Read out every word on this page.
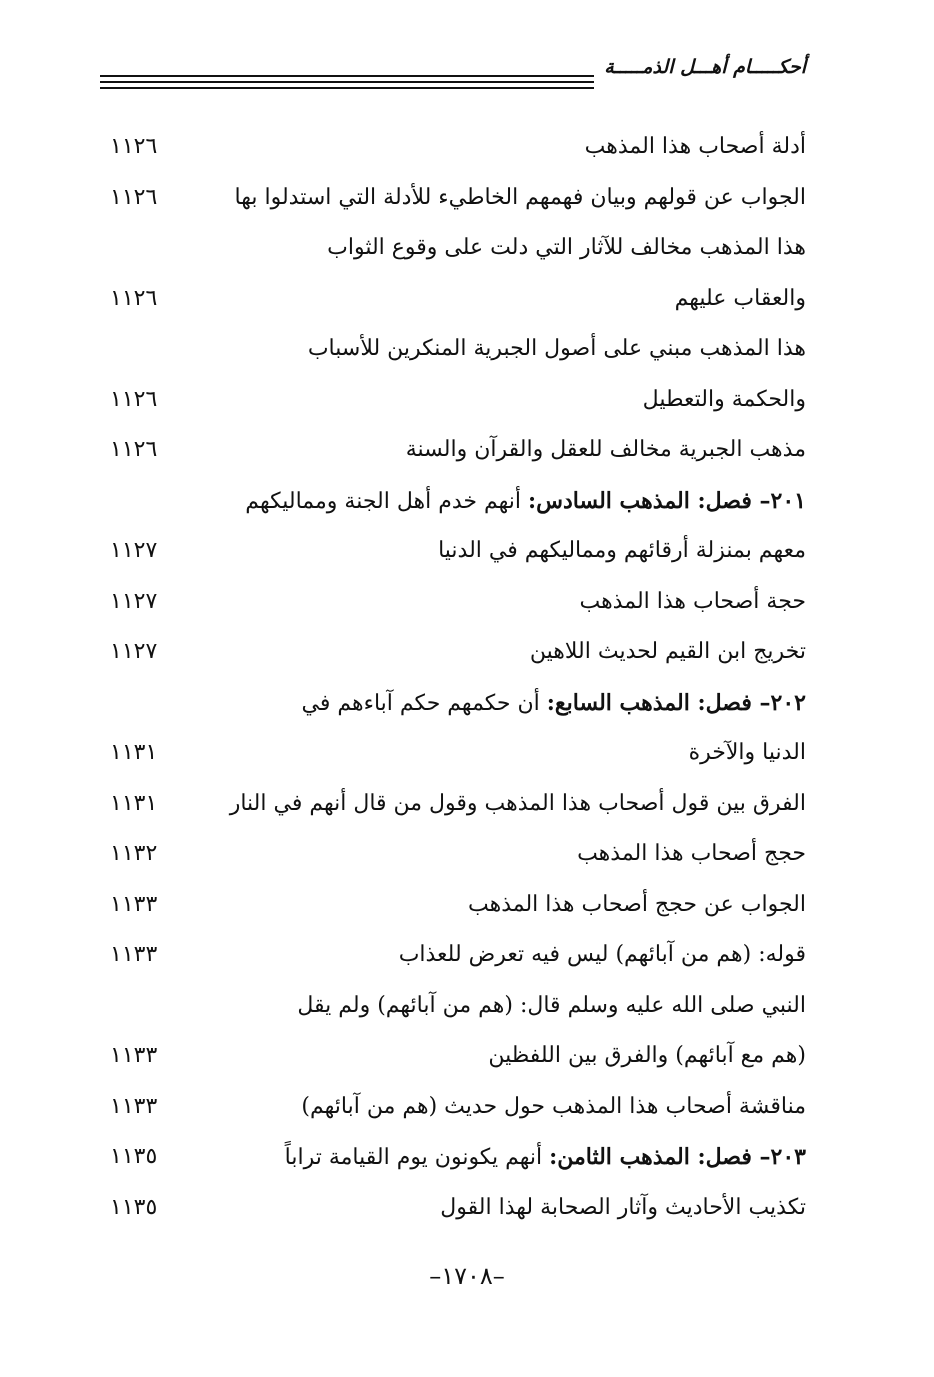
أحكـــــام أهـــل الذمـــــة
أدلة أصحاب هذا المذهب
١١٢٦
الجواب عن قولهم وبيان فهمهم الخاطيء للأدلة التي استدلوا بها
١١٢٦
هذا المذهب مخالف للآثار التي دلت على وقوع الثواب
والعقاب عليهم
١١٢٦
هذا المذهب مبني على أصول الجبرية المنكرين للأسباب
والحكمة والتعطيل
١١٢٦
مذهب الجبرية مخالف للعقل والقرآن والسنة
١١٢٦
٢٠١– فصل: المذهب السادس: أنهم خدم أهل الجنة ومماليكهم
معهم بمنزلة أرقائهم ومماليكهم في الدنيا
١١٢٧
حجة أصحاب هذا المذهب
١١٢٧
تخريج ابن القيم لحديث اللاهين
١١٢٧
٢٠٢– فصل: المذهب السابع: أن حكمهم حكم آباءهم في
الدنيا والآخرة
١١٣١
الفرق بين قول أصحاب هذا المذهب وقول من قال أنهم في النار
١١٣١
حجج أصحاب هذا المذهب
١١٣٢
الجواب عن حجج أصحاب هذا المذهب
١١٣٣
قوله: (هم من آبائهم) ليس فيه تعرض للعذاب
١١٣٣
النبي صلى الله عليه وسلم قال: (هم من آبائهم) ولم يقل
(هم مع آبائهم) والفرق بين اللفظين
١١٣٣
مناقشة أصحاب هذا المذهب حول حديث (هم من آبائهم)
١١٣٣
٢٠٣– فصل: المذهب الثامن: أنهم يكونون يوم القيامة تراباً
١١٣٥
تكذيب الأحاديث وآثار الصحابة لهذا القول
١١٣٥
–١٧٠٨–
